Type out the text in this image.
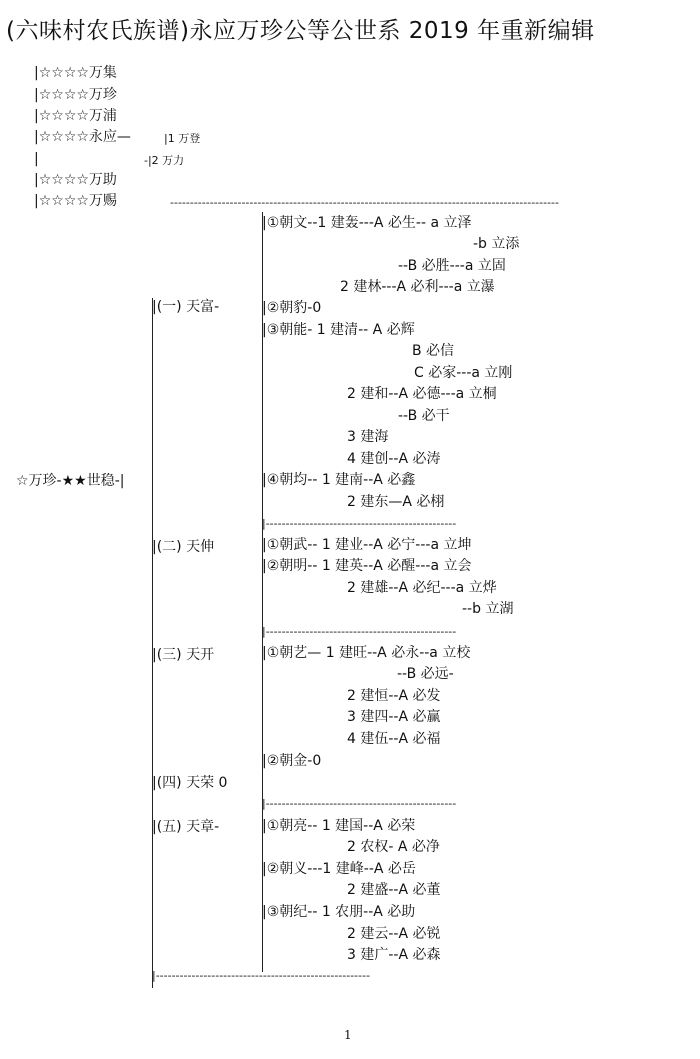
(六味村农氏族谱)永应万珍公等公世系 2019 年重新编辑
|☆☆☆☆万集
|☆☆☆☆万珍
|☆☆☆☆万浦
|☆☆☆☆永应—	|1 万登
|	-|2 万力
|☆☆☆☆万助
|☆☆☆☆万赐	--------------------------------------------------------------------------------------------------
☆万珍-★★世稳-|
|(一) 天富-
|(二) 天伸
|(三) 天开
|(四) 天荣 0
|(五) 天章-
|①朝文--1 建轰---A 必生-- a 立泽
-b 立添
--B 必胜---a 立固
2 建林---A 必利---a 立瀑
|②朝豹-0
|③朝能- 1 建清-- A 必辉
B 必信
C 必家---a 立刚
2 建和--A 必德---a 立桐
--B 必干
3 建海
4 建创--A 必涛
|④朝均-- 1 建南--A 必鑫
2 建东—A 必栩
|------------------------------------------------
|①朝武-- 1 建业--A 必宁---a 立坤
|②朝明-- 1 建英--A 必醒---a 立会
2 建雄--A 必纪---a 立烨
--b 立湖
|------------------------------------------------
|①朝艺— 1 建旺--A 必永--a 立校
--B 必远-
2 建恒--A 必发
3 建四--A 必赢
4 建伍--A 必福
|②朝金-0
|------------------------------------------------
|①朝亮-- 1 建国--A 必荣
2 农权- A 必净
|②朝义---1 建峰--A 必岳
2 建盛--A 必董
|③朝纪-- 1 农朋--A 必助
2 建云--A 必锐
3 建广--A 必森
|------------------------------------------------------
1
